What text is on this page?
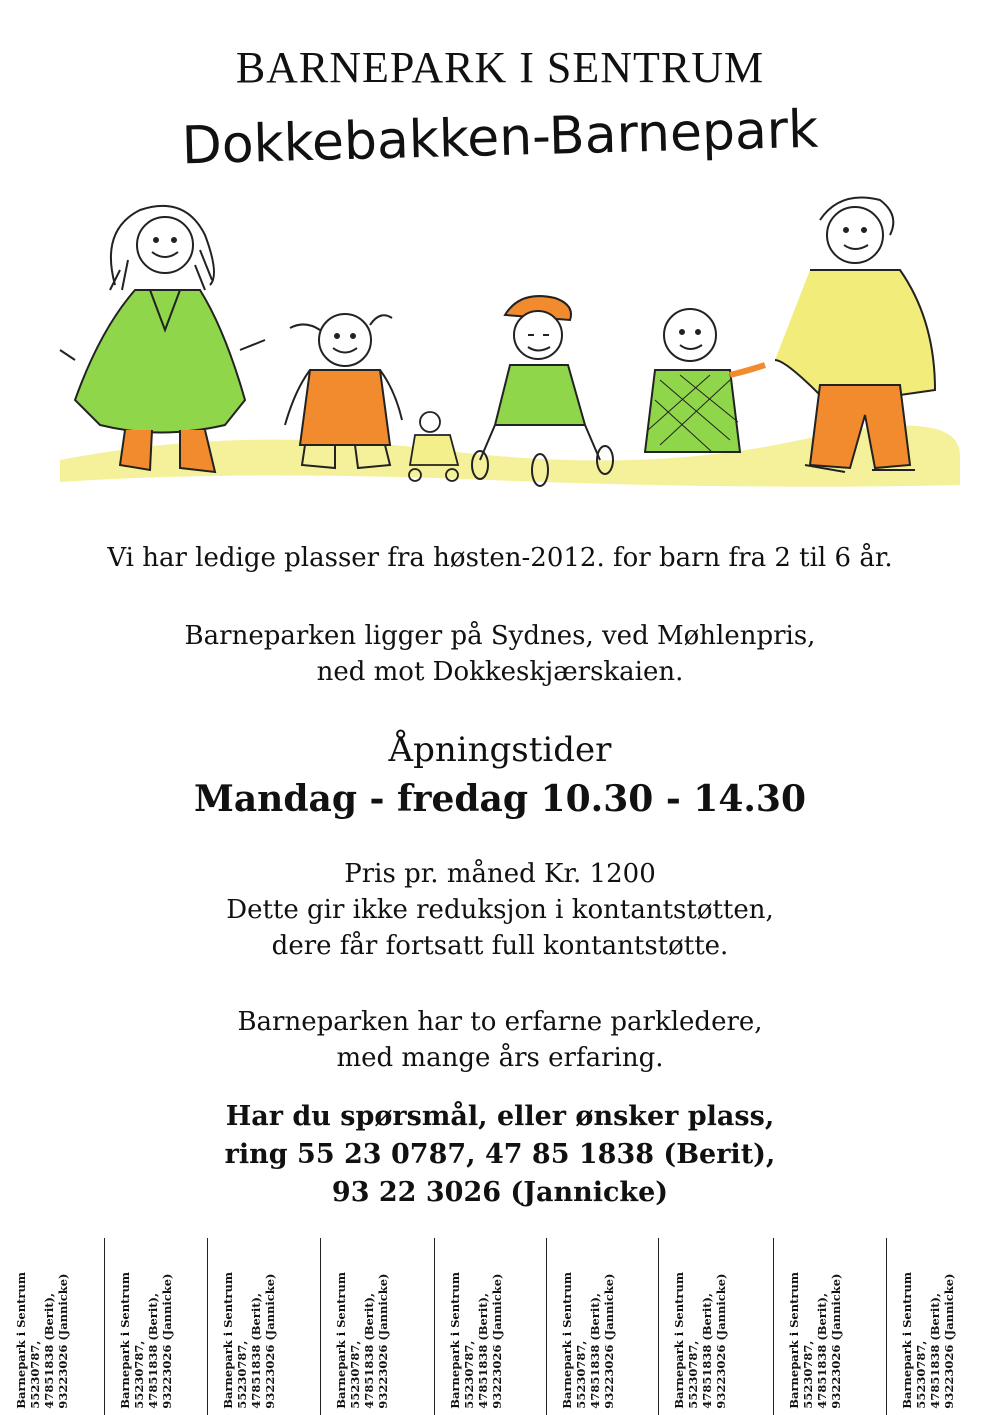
BARNEPARK I SENTRUM
Dokkebakken-Barnepark
Vi har ledige plasser fra høsten-2012. for barn fra 2 til 6 år.
Barneparken ligger på Sydnes, ved Møhlenpris,
ned mot Dokkeskjærskaien.
Åpningstider
Mandag - fredag 10.30 - 14.30
Pris pr. måned Kr. 1200
Dette gir ikke reduksjon i kontantstøtten,
dere får fortsatt full kontantstøtte.
Barneparken har to erfarne parkledere,
med mange års erfaring.
Har du spørsmål, eller ønsker plass,
ring 55 23 0787, 47 85 1838 (Berit),
93 22 3026 (Jannicke)
Barnepark i Sentrum 55230787, 47851838 (Berit), 93223026 (Jannicke)	Barnepark i Sentrum 55230787, 47851838 (Berit), 93223026 (Jannicke)	Barnepark i Sentrum 55230787, 47851838 (Berit), 93223026 (Jannicke)	Barnepark i Sentrum 55230787, 47851838 (Berit), 93223026 (Jannicke)	Barnepark i Sentrum 55230787, 47851838 (Berit), 93223026 (Jannicke)	Barnepark i Sentrum 55230787, 47851838 (Berit), 93223026 (Jannicke)	Barnepark i Sentrum 55230787, 47851838 (Berit), 93223026 (Jannicke)	Barnepark i Sentrum 55230787, 47851838 (Berit), 93223026 (Jannicke)	Barnepark i Sentrum 55230787, 47851838 (Berit), 93223026 (Jannicke)
